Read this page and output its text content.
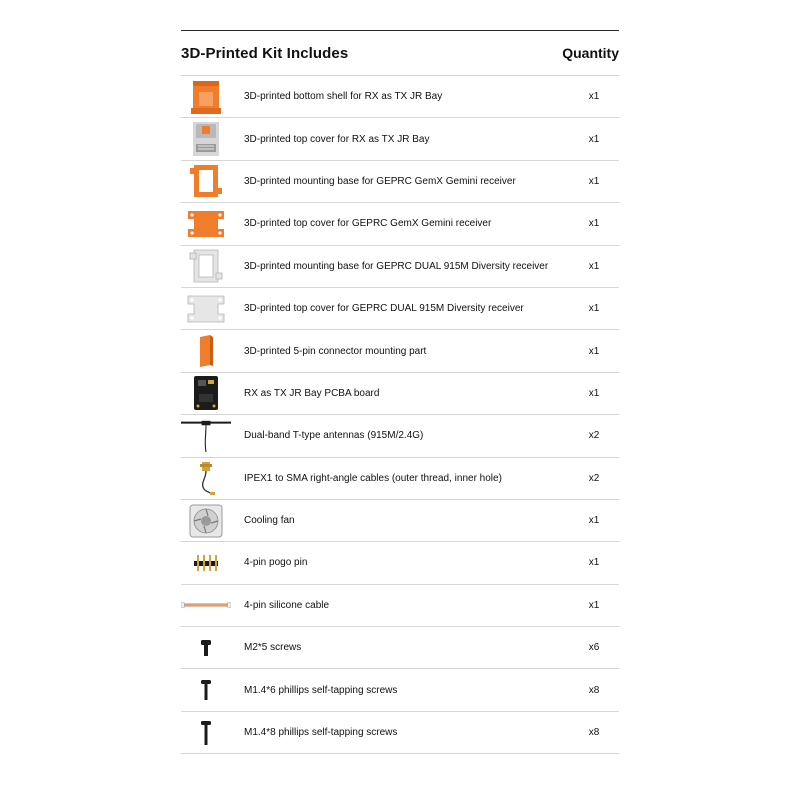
3D-Printed Kit Includes	Quantity
3D-printed bottom shell for RX as TX JR Bay	x1
3D-printed top cover for RX as TX JR Bay	x1
3D-printed mounting base for GEPRC GemX Gemini receiver	x1
3D-printed top cover for GEPRC GemX Gemini receiver	x1
3D-printed mounting base for GEPRC DUAL 915M Diversity receiver	x1
3D-printed top cover for GEPRC DUAL 915M Diversity receiver	x1
3D-printed 5-pin connector mounting part	x1
RX as TX JR Bay PCBA board	x1
Dual-band T-type antennas (915M/2.4G)	x2
IPEX1 to SMA right-angle cables (outer thread, inner hole)	x2
Cooling fan	x1
4-pin pogo pin	x1
4-pin silicone cable	x1
M2*5 screws	x6
M1.4*6 phillips self-tapping screws	x8
M1.4*8 phillips self-tapping screws	x8
